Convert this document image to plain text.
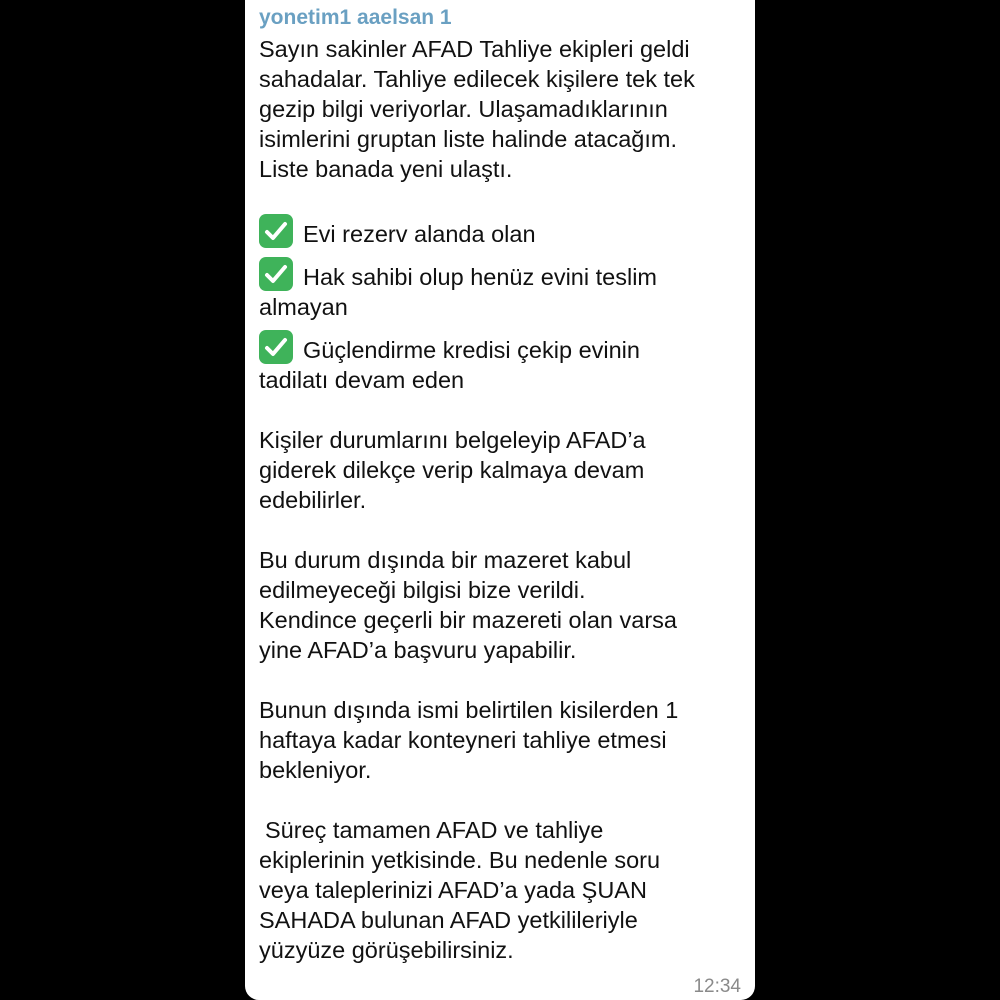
yonetim1 aaelsan 1
Sayın sakinler AFAD Tahliye ekipleri geldi
sahadalar. Tahliye edilecek kişilere tek tek
gezip bilgi veriyorlar. Ulaşamadıklarının
isimlerini gruptan liste halinde atacağım.
Liste banada yeni ulaştı.
Evi rezerv alanda olan
Hak sahibi olup henüz evini teslim
almayan
Güçlendirme kredisi çekip evinin
tadilatı devam eden
Kişiler durumlarını belgeleyip AFAD’a
giderek dilekçe verip kalmaya devam
edebilirler.
Bu durum dışında bir mazeret kabul
edilmeyeceği bilgisi bize verildi.
Kendince geçerli bir mazereti olan varsa
yine AFAD’a başvuru yapabilir.
Bunun dışında ismi belirtilen kisilerden 1
haftaya kadar konteyneri tahliye etmesi
bekleniyor.
Süreç tamamen AFAD ve tahliye
ekiplerinin yetkisinde. Bu nedenle soru
veya taleplerinizi AFAD’a yada ŞUAN
SAHADA bulunan AFAD yetkilileriyle
yüzyüze görüşebilirsiniz.
12:34
